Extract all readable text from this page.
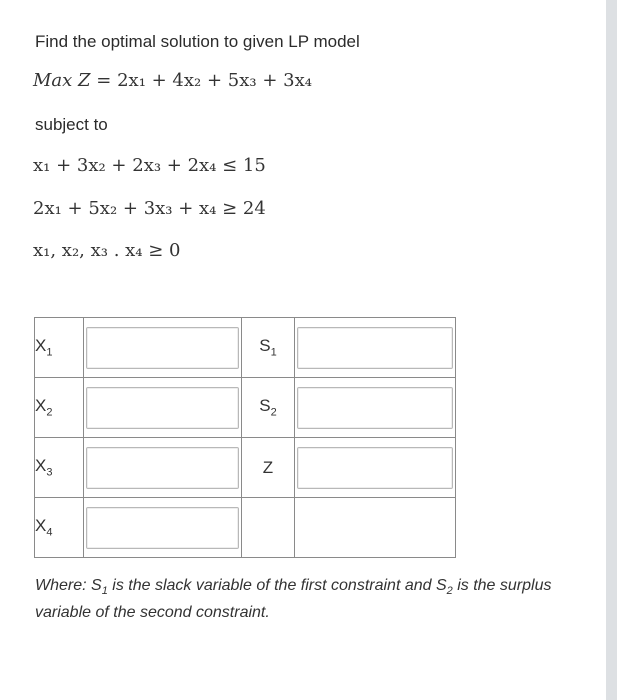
Find the optimal solution to given LP model
Max Z = 2x₁ + 4x₂ + 5x₃ + 3x₄
subject to
x₁ + 3x₂ + 2x₃ + 2x₄ ≤ 15
2x₁ + 5x₂ + 3x₃ + x₄ ≥ 24
x₁, x₂, x₃ . x₄ ≥ 0
$X_1$		$S_1$	

$X_2$		$S_2$	

$X_3$		Z	

$X_4$	

Where: $S_1$ is the slack variable of the first constraint and $S_2$ is the surplus variable of the second constraint.
